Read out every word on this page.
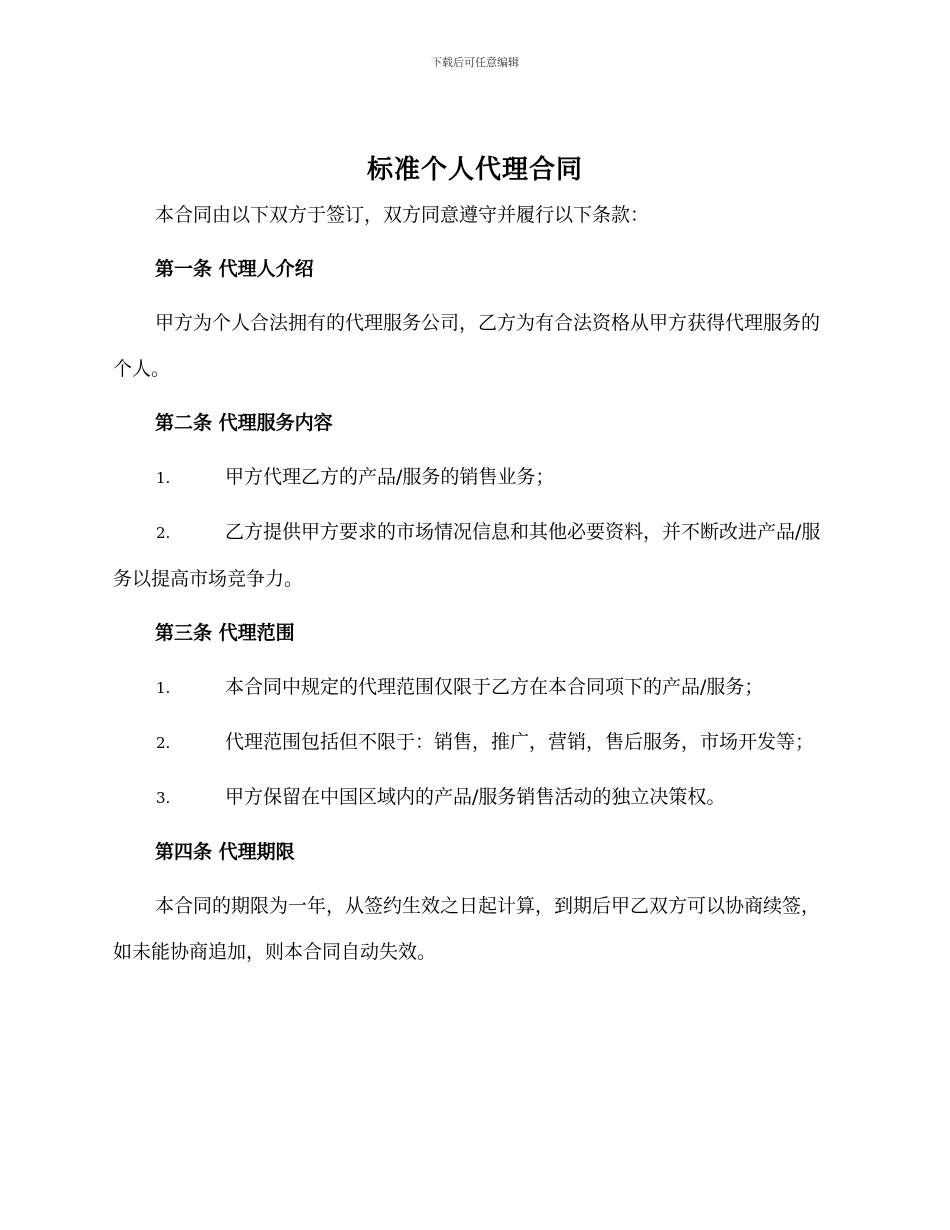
下载后可任意编辑
标准个人代理合同

本合同由以下双方于签订，双方同意遵守并履行以下条款：

第一条 代理人介绍

甲方为个人合法拥有的代理服务公司，乙方为有合法资格从甲方获得代理服务的个人。

第二条 代理服务内容

1.	甲方代理乙方的产品/服务的销售业务；

2.	乙方提供甲方要求的市场情况信息和其他必要资料，并不断改进产品/服务以提高市场竞争力。

第三条 代理范围

1.	本合同中规定的代理范围仅限于乙方在本合同项下的产品/服务；

2.	代理范围包括但不限于：销售，推广，营销，售后服务，市场开发等；

3.	甲方保留在中国区域内的产品/服务销售活动的独立决策权。

第四条 代理期限

本合同的期限为一年，从签约生效之日起计算，到期后甲乙双方可以协商续签，如未能协商追加，则本合同自动失效。
